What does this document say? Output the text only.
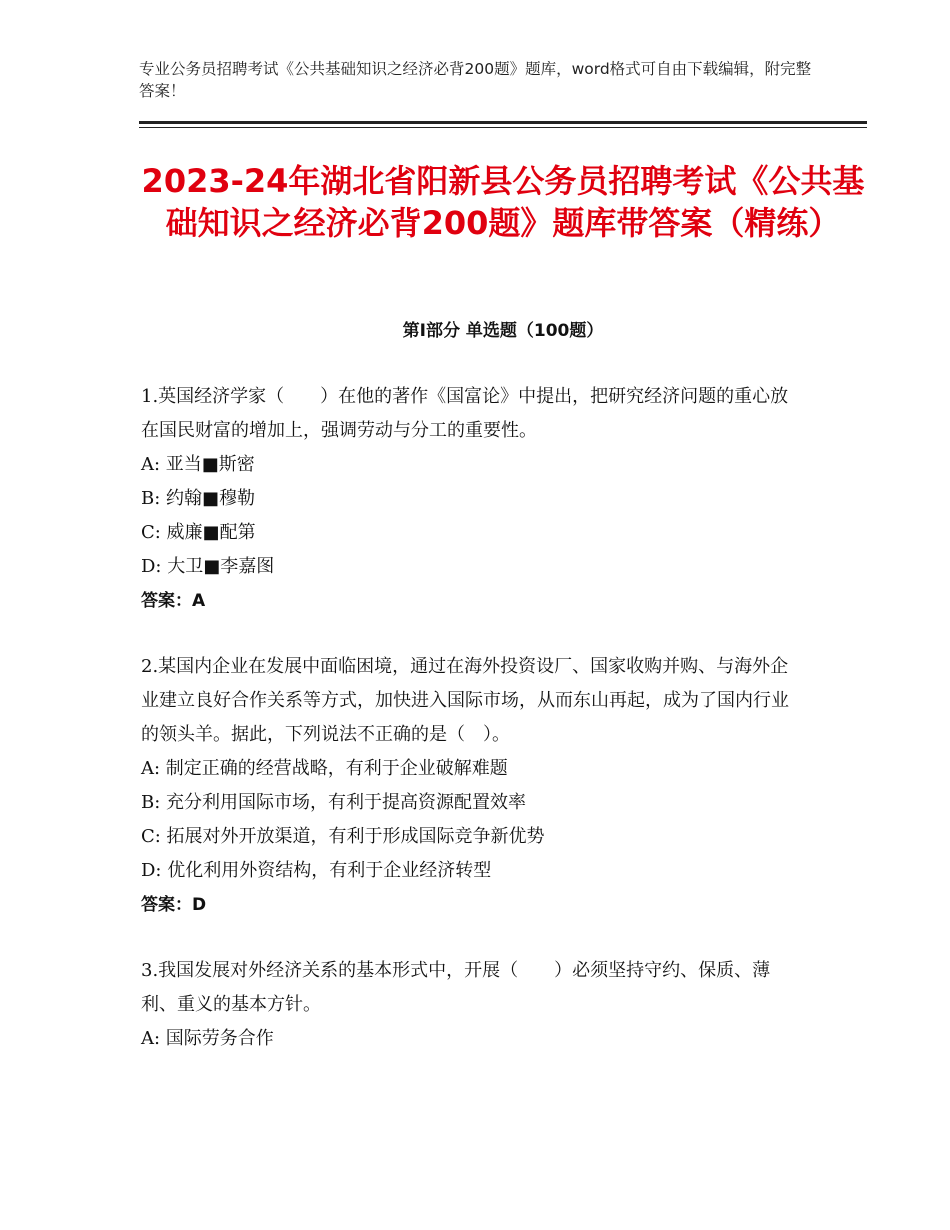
专业公务员招聘考试《公共基础知识之经济必背200题》题库，word格式可自由下载编辑，附完整答案！
2023-24年湖北省阳新县公务员招聘考试《公共基础知识之经济必背200题》题库带答案（精练）
第Ⅰ部分 单选题（100题）

1.英国经济学家（　　）在他的著作《国富论》中提出，把研究经济问题的重心放在国民财富的增加上，强调劳动与分工的重要性。

A: 亚当■斯密

B: 约翰■穆勒

C: 威廉■配第

D: 大卫■李嘉图

答案：A

2.某国内企业在发展中面临困境，通过在海外投资设厂、国家收购并购、与海外企业建立良好合作关系等方式，加快进入国际市场，从而东山再起，成为了国内行业的领头羊。据此，下列说法不正确的是（　）。

A: 制定正确的经营战略，有利于企业破解难题

B: 充分利用国际市场，有利于提高资源配置效率

C: 拓展对外开放渠道，有利于形成国际竞争新优势

D: 优化利用外资结构，有利于企业经济转型

答案：D

3.我国发展对外经济关系的基本形式中，开展（　　）必须坚持守约、保质、薄利、重义的基本方针。

A: 国际劳务合作
